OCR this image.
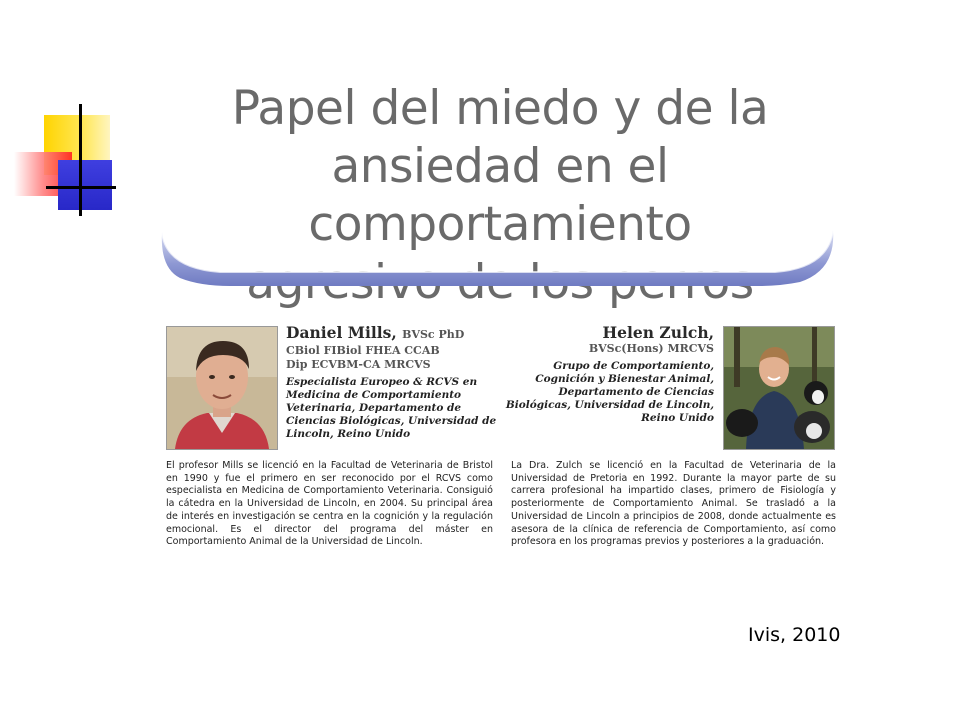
Papel del miedo y de la
ansiedad en el comportamiento

Daniel Mills, BVSc PhD
CBiol FIBiol FHEA CCAB
Dip ECVBM-CA MRCVS
Especialista Europeo & RCVS en Medicina de Comportamiento Veterinaria, Departamento de Ciencias Biológicas, Universidad de Lincoln, Reino Unido
El profesor Mills se licenció en la Facultad de Veterinaria de Bristol en 1990 y fue el primero en ser reconocido por el RCVS como especialista en Medicina de Comportamiento Veterinaria. Consiguió la cátedra en la Universidad de Lincoln, en 2004. Su principal área de interés en investigación se centra en la cognición y la regulación emocional. Es el director del programa del máster en Comportamiento Animal de la Universidad de Lincoln.
Helen Zulch,
BVSc(Hons) MRCVS
Grupo de Comportamiento, Cognición y Bienestar Animal, Departamento de Ciencias Biológicas, Universidad de Lincoln, Reino Unido
La Dra. Zulch se licenció en la Facultad de Veterinaria de la Universidad de Pretoria en 1992. Durante la mayor parte de su carrera profesional ha impartido clases, primero de Fisiología y posteriormente de Comportamiento Animal. Se trasladó a la Universidad de Lincoln a principios de 2008, donde actualmente es asesora de la clínica de referencia de Comportamiento, así como profesora en los programas previos y posteriores a la graduación.
Ivis, 2010
